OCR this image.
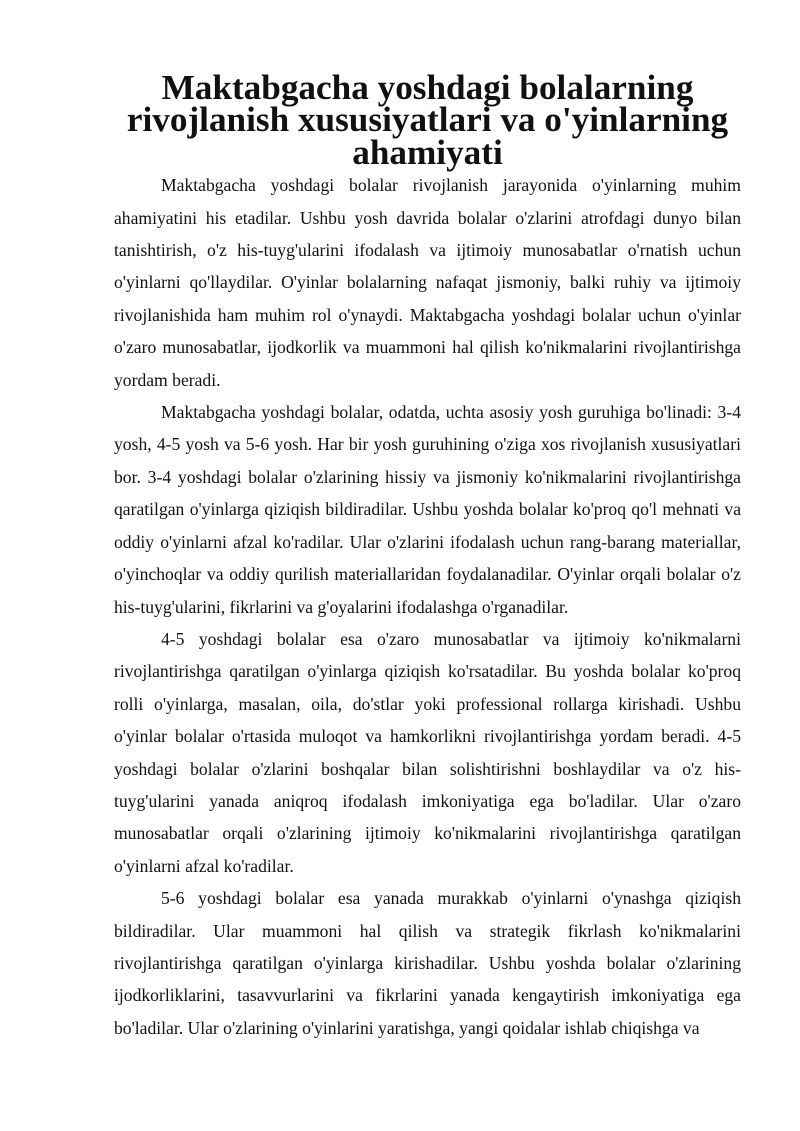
Maktabgacha yoshdagi bolalarning rivojlanish xususiyatlari va o'yinlarning ahamiyati

Maktabgacha yoshdagi bolalar rivojlanish jarayonida o'yinlarning muhim ahamiyatini his etadilar. Ushbu yosh davrida bolalar o'zlarini atrofdagi dunyo bilan tanishtirish, o'z his-tuyg'ularini ifodalash va ijtimoiy munosabatlar o'rnatish uchun o'yinlarni qo'llaydilar. O'yinlar bolalarning nafaqat jismoniy, balki ruhiy va ijtimoiy rivojlanishida ham muhim rol o'ynaydi. Maktabgacha yoshdagi bolalar uchun o'yinlar o'zaro munosabatlar, ijodkorlik va muammoni hal qilish ko'nikmalarini rivojlantirishga yordam beradi.

Maktabgacha yoshdagi bolalar, odatda, uchta asosiy yosh guruhiga bo'linadi: 3-4 yosh, 4-5 yosh va 5-6 yosh. Har bir yosh guruhining o'ziga xos rivojlanish xususiyatlari bor. 3-4 yoshdagi bolalar o'zlarining hissiy va jismoniy ko'nikmalarini rivojlantirishga qaratilgan o'yinlarga qiziqish bildiradilar. Ushbu yoshda bolalar ko'proq qo'l mehnati va oddiy o'yinlarni afzal ko'radilar. Ular o'zlarini ifodalash uchun rang-barang materiallar, o'yinchoqlar va oddiy qurilish materiallaridan foydalanadilar. O'yinlar orqali bolalar o'z his-tuyg'ularini, fikrlarini va g'oyalarini ifodalashga o'rganadilar.

4-5 yoshdagi bolalar esa o'zaro munosabatlar va ijtimoiy ko'nikmalarni rivojlantirishga qaratilgan o'yinlarga qiziqish ko'rsatadilar. Bu yoshda bolalar ko'proq rolli o'yinlarga, masalan, oila, do'stlar yoki professional rollarga kirishadi. Ushbu o'yinlar bolalar o'rtasida muloqot va hamkorlikni rivojlantirishga yordam beradi. 4-5 yoshdagi bolalar o'zlarini boshqalar bilan solishtirishni boshlaydilar va o'z his-tuyg'ularini yanada aniqroq ifodalash imkoniyatiga ega bo'ladilar. Ular o'zaro munosabatlar orqali o'zlarining ijtimoiy ko'nikmalarini rivojlantirishga qaratilgan o'yinlarni afzal ko'radilar.

5-6 yoshdagi bolalar esa yanada murakkab o'yinlarni o'ynashga qiziqish bildiradilar. Ular muammoni hal qilish va strategik fikrlash ko'nikmalarini rivojlantirishga qaratilgan o'yinlarga kirishadilar. Ushbu yoshda bolalar o'zlarining ijodkorliklarini, tasavvurlarini va fikrlarini yanada kengaytirish imkoniyatiga ega bo'ladilar. Ular o'zlarining o'yinlarini yaratishga, yangi qoidalar ishlab chiqishga va
